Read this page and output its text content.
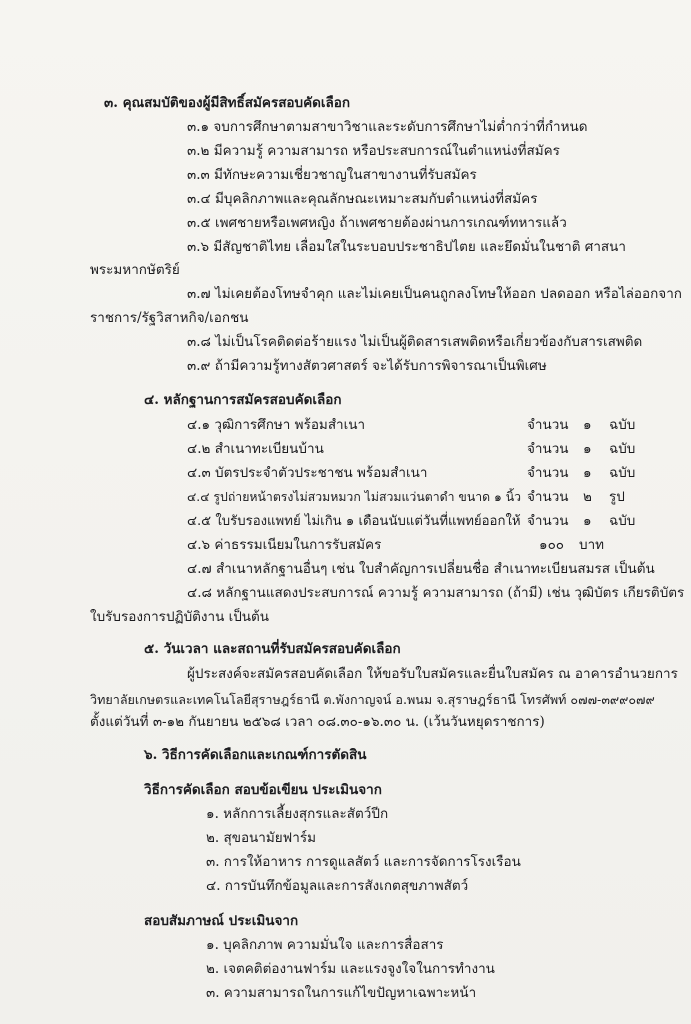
๓. คุณสมบัติของผู้มีสิทธิ์สมัครสอบคัดเลือก
๓.๑ จบการศึกษาตามสาขาวิชาและระดับการศึกษาไม่ต่ำกว่าที่กำหนด
๓.๒ มีความรู้ ความสามารถ หรือประสบการณ์ในตำแหน่งที่สมัคร
๓.๓ มีทักษะความเชี่ยวชาญในสาขางานที่รับสมัคร
๓.๔ มีบุคลิกภาพและคุณลักษณะเหมาะสมกับตำแหน่งที่สมัคร
๓.๕ เพศชายหรือเพศหญิง ถ้าเพศชายต้องผ่านการเกณฑ์ทหารแล้ว
๓.๖ มีสัญชาติไทย เลื่อมใสในระบอบประชาธิปไตย และยึดมั่นในชาติ ศาสนา
พระมหากษัตริย์
๓.๗ ไม่เคยต้องโทษจำคุก และไม่เคยเป็นคนถูกลงโทษให้ออก ปลดออก หรือไล่ออกจาก
ราชการ/รัฐวิสาหกิจ/เอกชน
๓.๘ ไม่เป็นโรคติดต่อร้ายแรง ไม่เป็นผู้ติดสารเสพติดหรือเกี่ยวข้องกับสารเสพติด
๓.๙ ถ้ามีความรู้ทางสัตวศาสตร์ จะได้รับการพิจารณาเป็นพิเศษ
๔. หลักฐานการสมัครสอบคัดเลือก
๔.๑ วุฒิการศึกษา พร้อมสำเนา	จำนวน ๑ ฉบับ
๔.๒ สำเนาทะเบียนบ้าน	จำนวน ๑ ฉบับ
๔.๓ บัตรประจำตัวประชาชน พร้อมสำเนา	จำนวน ๑ ฉบับ
๔.๔ รูปถ่ายหน้าตรงไม่สวมหมวก ไม่สวมแว่นตาดำ ขนาด ๑ นิ้ว จำนวน ๒ รูป
๔.๕ ใบรับรองแพทย์ ไม่เกิน ๑ เดือนนับแต่วันที่แพทย์ออกให้ จำนวน ๑ ฉบับ
๔.๖ ค่าธรรมเนียมในการรับสมัคร	๑๐๐ บาท
๔.๗ สำเนาหลักฐานอื่นๆ เช่น ใบสำคัญการเปลี่ยนชื่อ สำเนาทะเบียนสมรส เป็นต้น
๔.๘ หลักฐานแสดงประสบการณ์ ความรู้ ความสามารถ (ถ้ามี) เช่น วุฒิบัตร เกียรติบัตร
ใบรับรองการปฏิบัติงาน เป็นต้น
๕. วันเวลา และสถานที่รับสมัครสอบคัดเลือก
ผู้ประสงค์จะสมัครสอบคัดเลือก ให้ขอรับใบสมัครและยื่นใบสมัคร ณ อาคารอำนวยการ
วิทยาลัยเกษตรและเทคโนโลยีสุราษฎร์ธานี ต.พังกาญจน์ อ.พนม จ.สุราษฎร์ธานี โทรศัพท์ ๐๗๗-๓๙๙๐๗๙
ตั้งแต่วันที่ ๓-๑๒ กันยายน ๒๕๖๘ เวลา ๐๘.๓๐-๑๖.๓๐ น. (เว้นวันหยุดราชการ)
๖. วิธีการคัดเลือกและเกณฑ์การตัดสิน
วิธีการคัดเลือก สอบข้อเขียน ประเมินจาก
๑. หลักการเลี้ยงสุกรและสัตว์ปีก
๒. สุขอนามัยฟาร์ม
๓. การให้อาหาร การดูแลสัตว์ และการจัดการโรงเรือน
๔. การบันทึกข้อมูลและการสังเกตสุขภาพสัตว์
สอบสัมภาษณ์ ประเมินจาก
๑. บุคลิกภาพ ความมั่นใจ และการสื่อสาร
๒. เจตคติต่องานฟาร์ม และแรงจูงใจในการทำงาน
๓. ความสามารถในการแก้ไขปัญหาเฉพาะหน้า
